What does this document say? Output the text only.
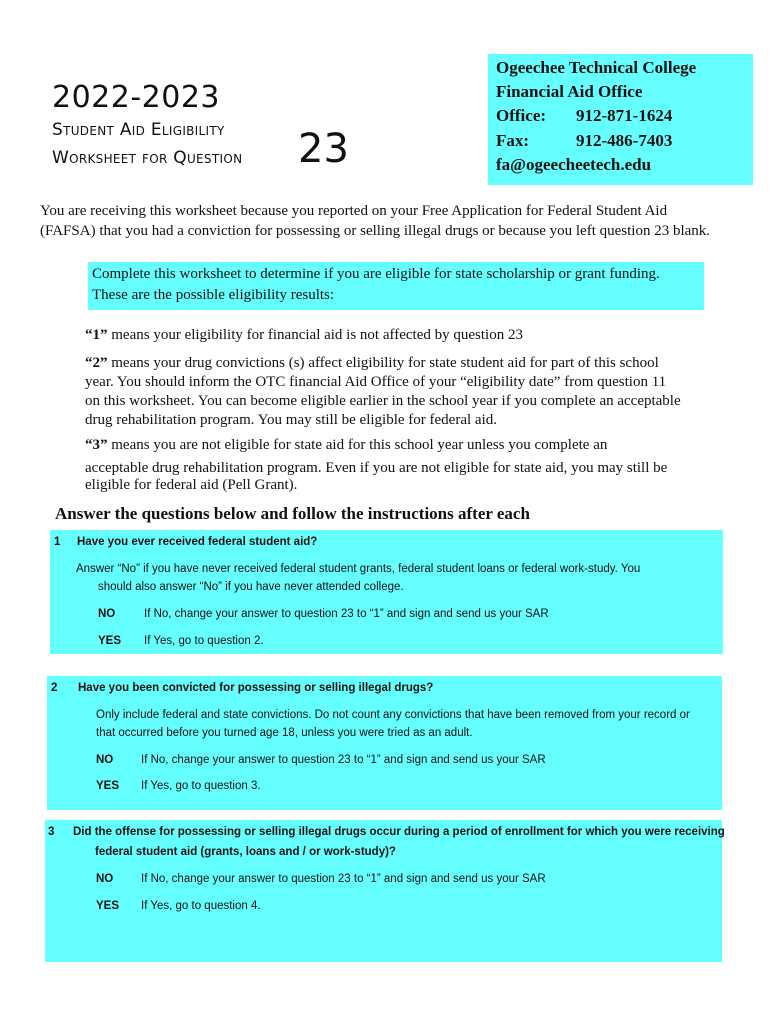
2022-2023
Student Aid Eligibility
Worksheet for Question 23
Ogeechee Technical College
Financial Aid Office
Office: 912-871-1624
Fax:	912-486-7403
fa@ogeecheetech.edu
You are receiving this worksheet because you reported on your Free Application for Federal Student Aid
(FAFSA) that you had a conviction for possessing or selling illegal drugs or because you left question 23 blank.
Complete this worksheet to determine if you are eligible for state scholarship or grant funding.
These are the possible eligibility results:
“1” means your eligibility for financial aid is not affected by question 23
“2” means your drug convictions (s) affect eligibility for state student aid for part of this school
year. You should inform the OTC financial Aid Office of your “eligibility date” from question 11
on this worksheet. You can become eligible earlier in the school year if you complete an acceptable
drug rehabilitation program. You may still be eligible for federal aid.
“3” means you are not eligible for state aid for this school year unless you complete an
acceptable drug rehabilitation program. Even if you are not eligible for state aid, you may still be
eligible for federal aid (Pell Grant).
Answer the questions below and follow the instructions after each
1 Have you ever received federal student aid?
Answer “No” if you have never received federal student grants, federal student loans or federal work-study. You
should also answer “No” if you have never attended college.
NO	If No, change your answer to question 23 to “1” and sign and send us your SAR
YES If Yes, go to question 2.
2 Have you been convicted for possessing or selling illegal drugs?
Only include federal and state convictions. Do not count any convictions that have been removed from your record or
that occurred before you turned age 18, unless you were tried as an adult.
NO If No, change your answer to question 23 to “1” and sign and send us your SAR
YES If Yes, go to question 3.
3 Did the offense for possessing or selling illegal drugs occur during a period of enrollment for which you were receiving
federal student aid (grants, loans and / or work-study)?
NO If No, change your answer to question 23 to “1” and sign and send us your SAR
YES If Yes, go to question 4.
